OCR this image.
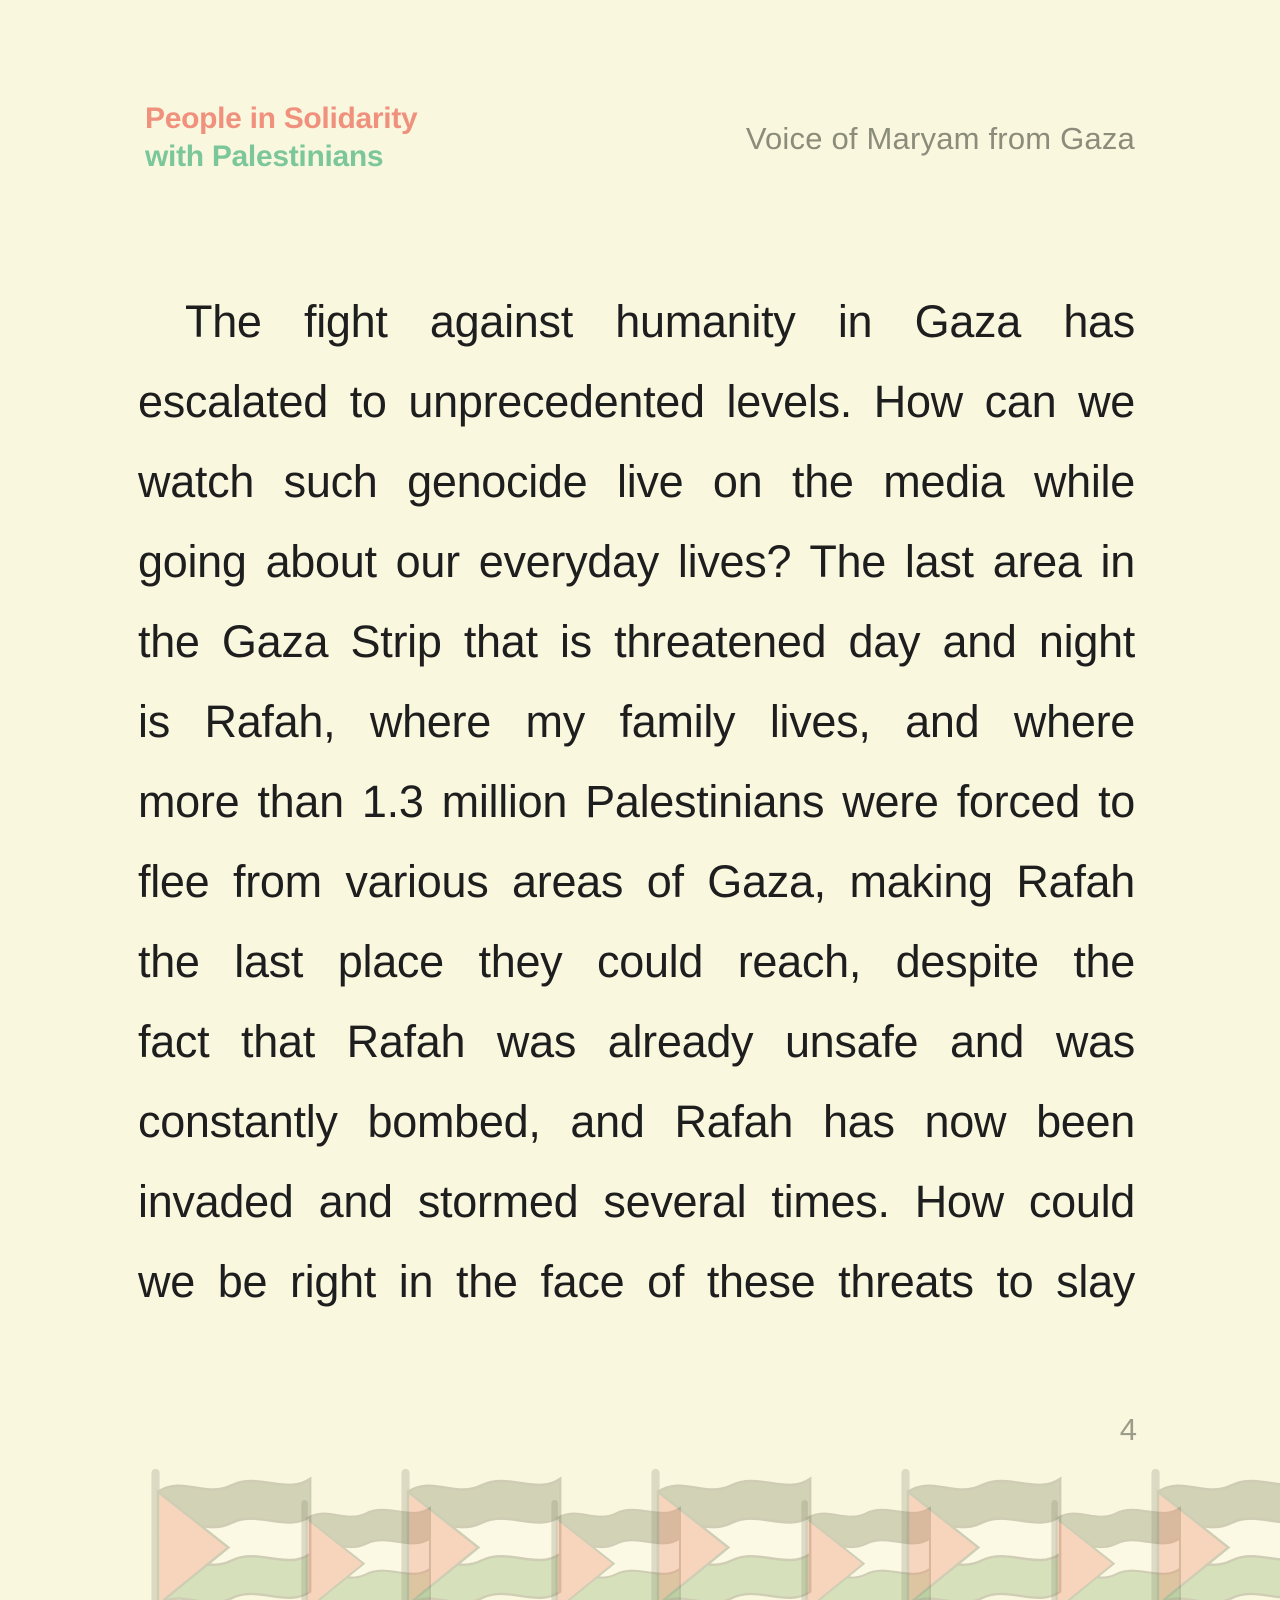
People in Solidarity
with Palestinians
Voice of Maryam from Gaza
The fight against humanity in Gaza has
escalated to unprecedented levels. How can we
watch such genocide live on the media while
going about our everyday lives? The last area in
the Gaza Strip that is threatened day and night
is Rafah, where my family lives, and where
more than 1.3 million Palestinians were forced to
flee from various areas of Gaza, making Rafah
the last place they could reach, despite the
fact that Rafah was already unsafe and was
constantly bombed, and Rafah has now been
invaded and stormed several times. How could
we be right in the face of these threats to slay
4
